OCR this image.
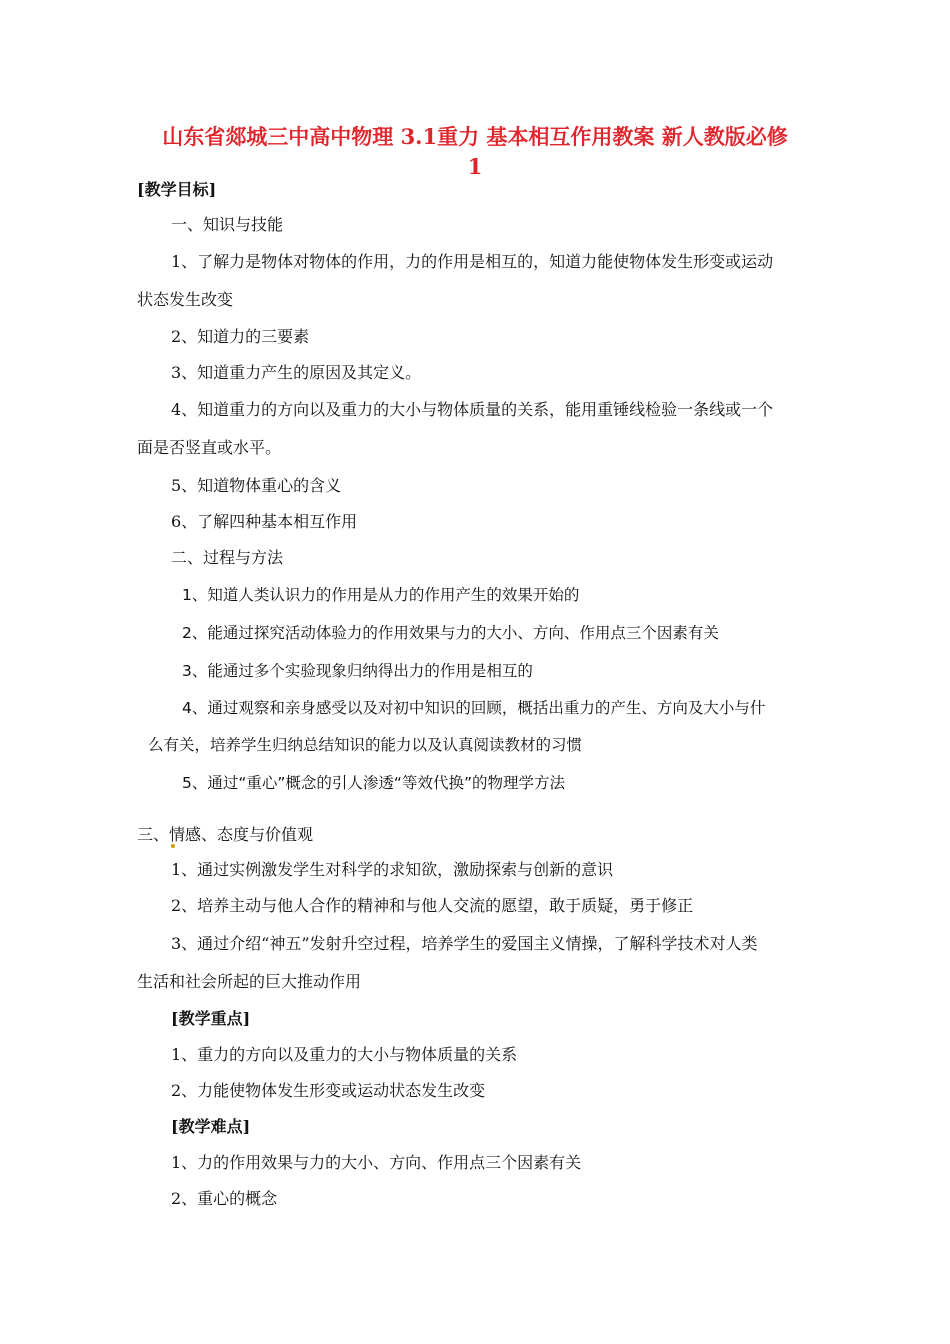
山东省郯城三中高中物理 3.1重力 基本相互作用教案 新人教版必修
1
[教学目标]
一、知识与技能
1、了解力是物体对物体的作用，力的作用是相互的，知道力能使物体发生形变或运动
状态发生改变
2、知道力的三要素
3、知道重力产生的原因及其定义。
4、知道重力的方向以及重力的大小与物体质量的关系，能用重锤线检验一条线或一个
面是否竖直或水平。
5、知道物体重心的含义
6、了解四种基本相互作用
二、过程与方法
1、知道人类认识力的作用是从力的作用产生的效果开始的
2、能通过探究活动体验力的作用效果与力的大小、方向、作用点三个因素有关
3、能通过多个实验现象归纳得出力的作用是相互的
4、通过观察和亲身感受以及对初中知识的回顾，概括出重力的产生、方向及大小与什
么有关，培养学生归纳总结知识的能力以及认真阅读教材的习惯
5、通过“重心”概念的引人渗透“等效代换”的物理学方法
三、情感、态度与价值观
1、通过实例激发学生对科学的求知欲，激励探索与创新的意识
2、培养主动与他人合作的精神和与他人交流的愿望，敢于质疑，勇于修正
3、通过介绍“神五”发射升空过程，培养学生的爱国主义情操，了解科学技术对人类
生活和社会所起的巨大推动作用
[教学重点]
1、重力的方向以及重力的大小与物体质量的关系
2、力能使物体发生形变或运动状态发生改变
[教学难点]
1、力的作用效果与力的大小、方向、作用点三个因素有关
2、重心的概念
